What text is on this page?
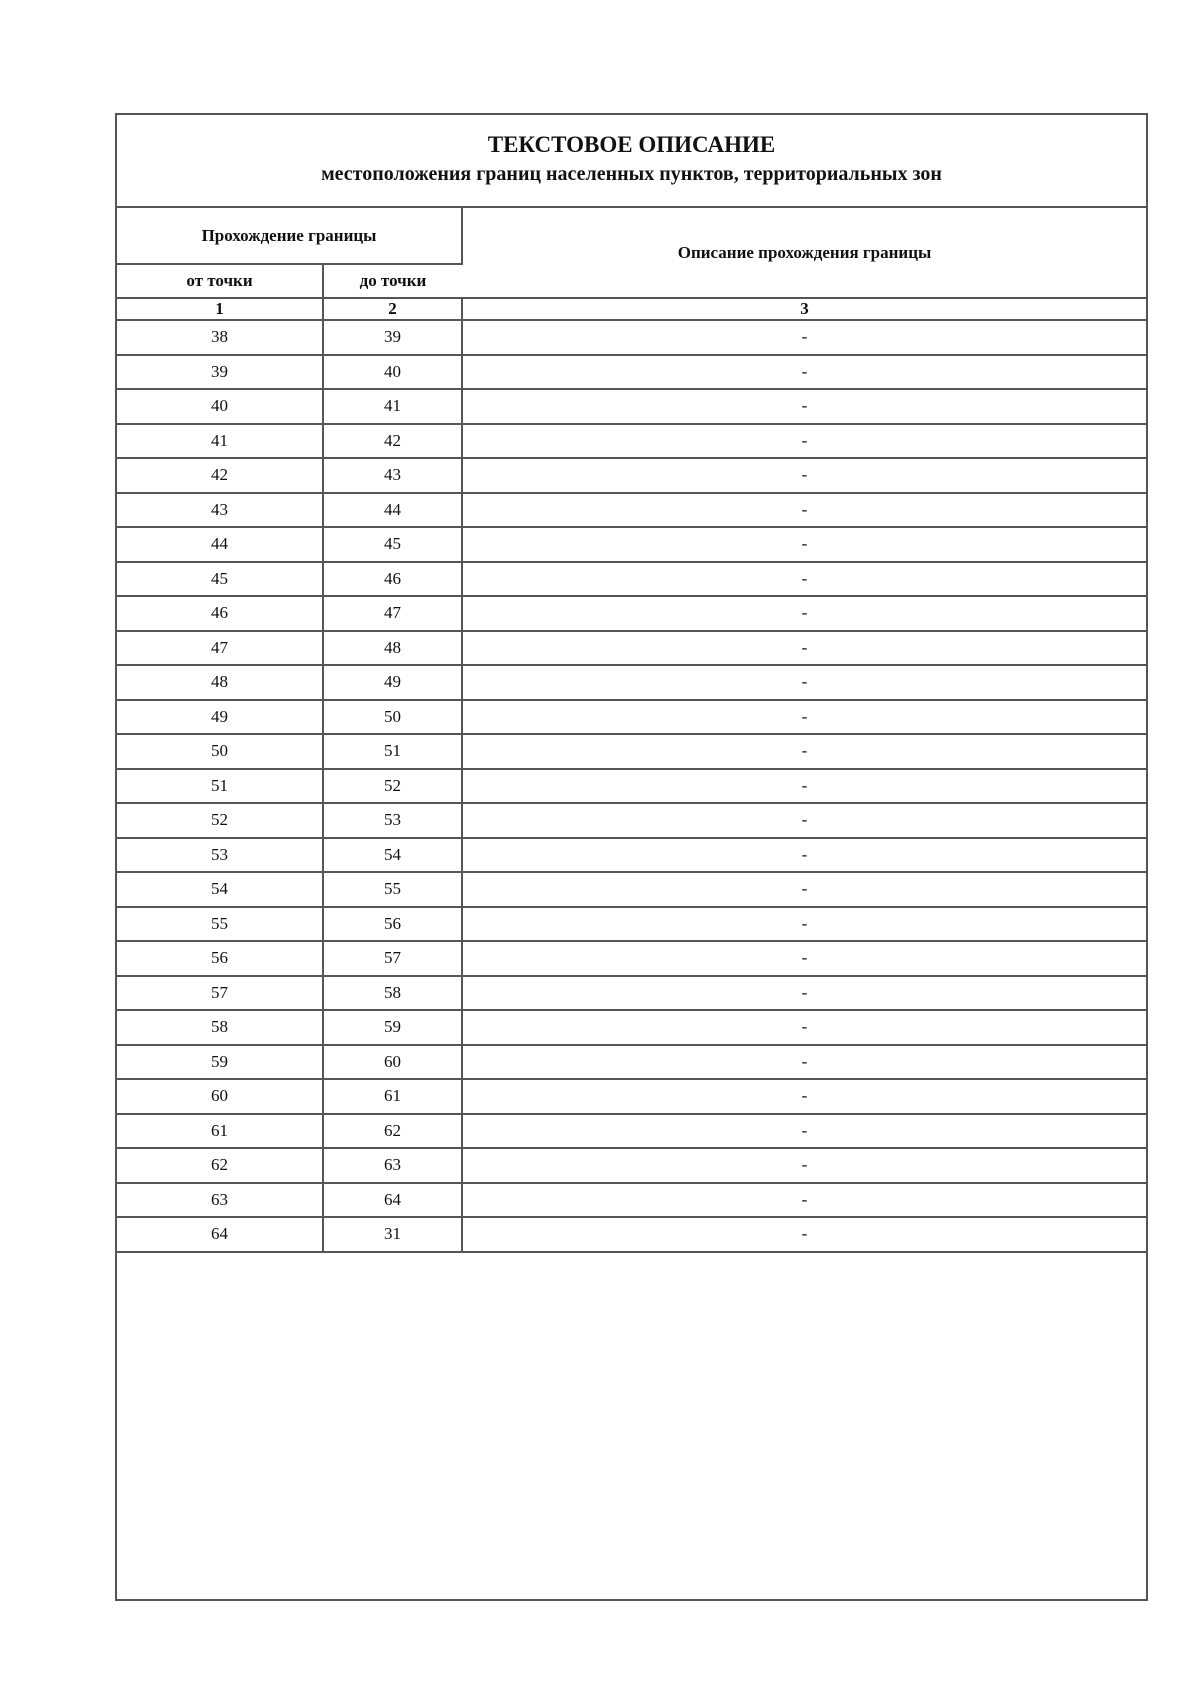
ТЕКСТОВОЕ ОПИСАНИЕ
местоположения границ населенных пунктов, территориальных зон
Прохождение границы		Описание прохождения границы
от точки	до точки	
1	2	3
38	39	-
39	40	-
40	41	-
41	42	-
42	43	-
43	44	-
44	45	-
45	46	-
46	47	-
47	48	-
48	49	-
49	50	-
50	51	-
51	52	-
52	53	-
53	54	-
54	55	-
55	56	-
56	57	-
57	58	-
58	59	-
59	60	-
60	61	-
61	62	-
62	63	-
63	64	-
64	31	-
